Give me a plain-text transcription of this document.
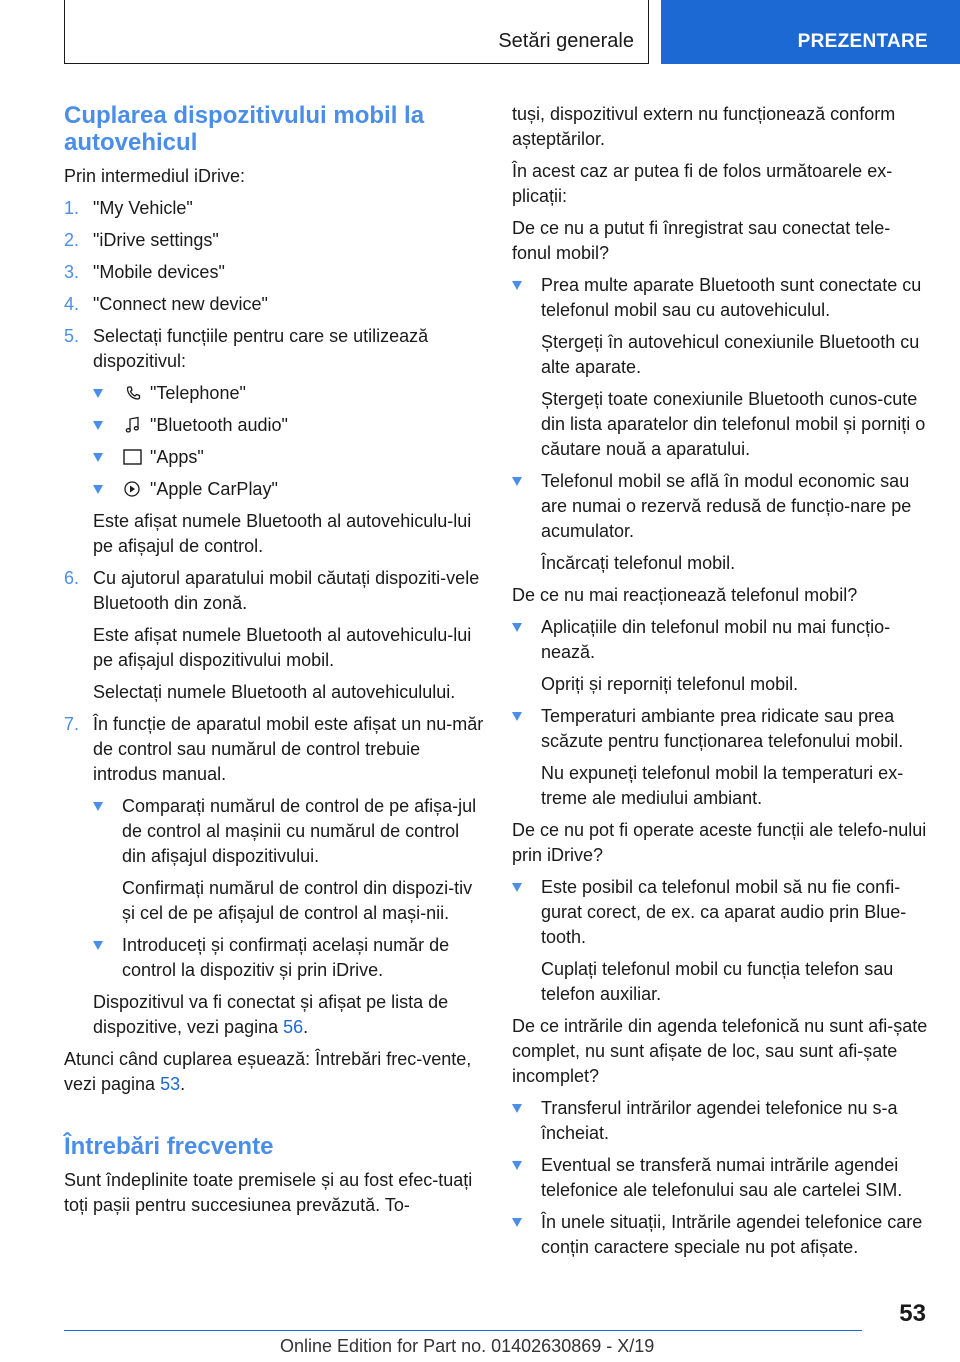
Setări generale	PREZENTARE
Cuplarea dispozitivului mobil la autovehicul

Prin intermediul iDrive:

1. "My Vehicle"
2. "iDrive settings"
3. "Mobile devices"
4. "Connect new device"
5. Selectați funcțiile pentru care se utilizează dispozitivul:
"Telephone"
"Bluetooth audio"
"Apps"
"Apple CarPlay"

Este afișat numele Bluetooth al autovehiculu‐lui pe afișajul de control.

6. Cu ajutorul aparatului mobil căutați dispoziti‐vele Bluetooth din zonă.

Este afișat numele Bluetooth al autovehiculu‐lui pe afișajul dispozitivului mobil.

Selectați numele Bluetooth al autovehiculului.

7. În funcție de aparatul mobil este afișat un nu‐măr de control sau numărul de control trebuie introdus manual.
Comparați numărul de control de pe afișa‐jul de control al mașinii cu numărul de control din afișajul dispozitivului.

Confirmați numărul de control din dispozi‐tiv și cel de pe afișajul de control al mași‐nii.

Introduceți și confirmați același număr de control la dispozitiv și prin iDrive.

Dispozitivul va fi conectat și afișat pe lista de dispozitive, vezi pagina 56.

Atunci când cuplarea eșuează: Întrebări frec‐vente, vezi pagina 53.

Întrebări frecvente

Sunt îndeplinite toate premisele și au fost efec‐tuați toți pașii pentru succesiunea prevăzută. To‐

tuși, dispozitivul extern nu funcționează conform așteptărilor.

În acest caz ar putea fi de folos următoarele ex‐plicații:

De ce nu a putut fi înregistrat sau conectat tele‐fonul mobil?

Prea multe aparate Bluetooth sunt conectate cu telefonul mobil sau cu autovehiculul.

Ștergeți în autovehicul conexiunile Bluetooth cu alte aparate.

Ștergeți toate conexiunile Bluetooth cunos‐cute din lista aparatelor din telefonul mobil și porniți o căutare nouă a aparatului.

Telefonul mobil se află în modul economic sau are numai o rezervă redusă de funcțio‐nare pe acumulator.

Încărcați telefonul mobil.

De ce nu mai reacționează telefonul mobil?

Aplicațiile din telefonul mobil nu mai funcțio‐nează.

Opriți și reporniți telefonul mobil.

Temperaturi ambiante prea ridicate sau prea scăzute pentru funcționarea telefonului mobil.

Nu expuneți telefonul mobil la temperaturi ex‐treme ale mediului ambiant.

De ce nu pot fi operate aceste funcții ale telefo‐nului prin iDrive?

Este posibil ca telefonul mobil să nu fie confi‐gurat corect, de ex. ca aparat audio prin Blue‐tooth.

Cuplați telefonul mobil cu funcția telefon sau telefon auxiliar.

De ce intrările din agenda telefonică nu sunt afi‐șate complet, nu sunt afișate de loc, sau sunt afi‐șate incomplet?

Transferul intrărilor agendei telefonice nu s-a încheiat.
Eventual se transferă numai intrările agendei telefonice ale telefonului sau ale cartelei SIM.
În unele situații, Intrările agendei telefonice care conțin caractere speciale nu pot afișate.
53
Online Edition for Part no. 01402630869 - X/19
